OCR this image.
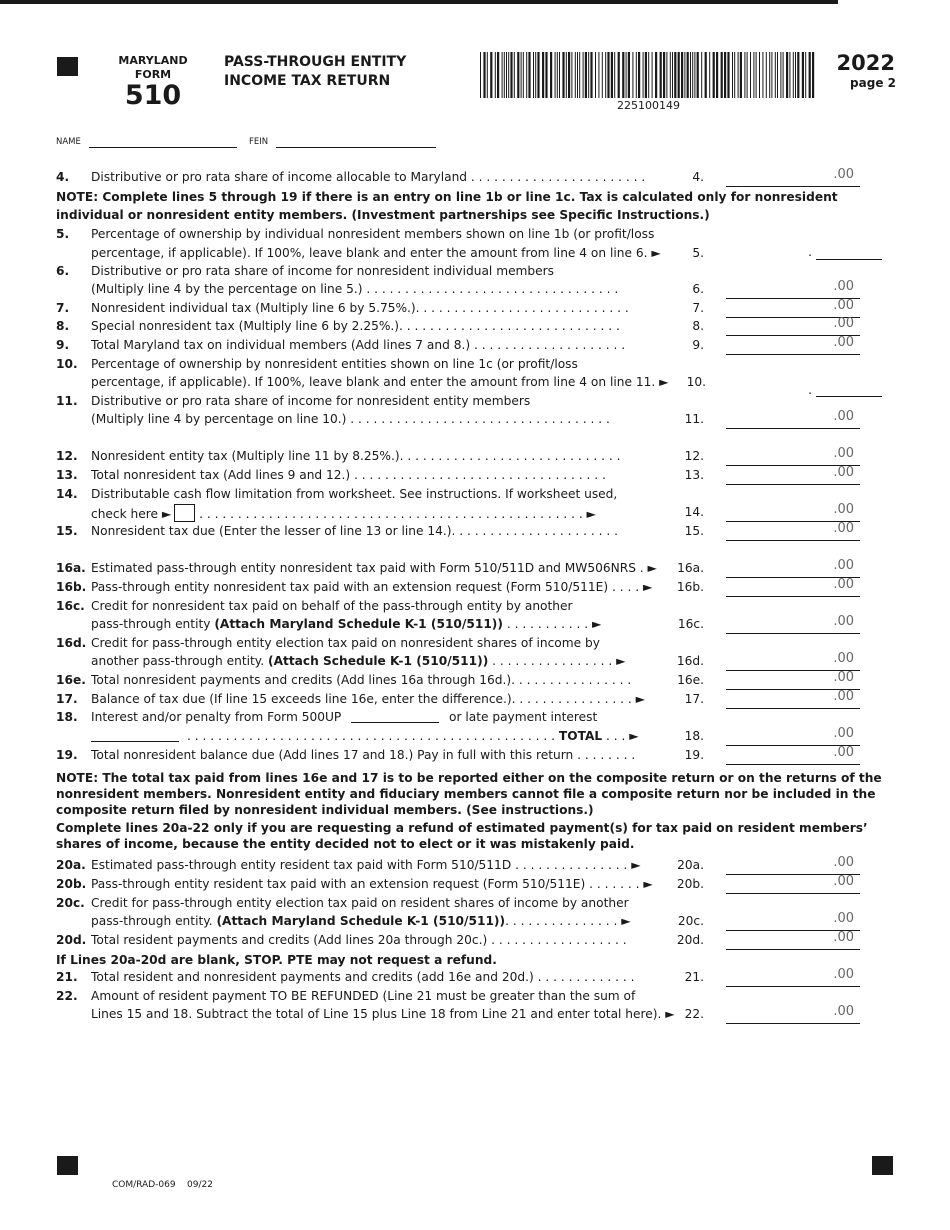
MARYLAND
FORM
510
PASS-THROUGH ENTITY
INCOME TAX RETURN
225100149
2022
page 2
NAME	FEIN
4. Distributive or pro rata share of income allocable to Maryland . . . . . . . . . . . . . . . . . . . . . . .	4.	.00
NOTE: Complete lines 5 through 19 if there is an entry on line 1b or line 1c. Tax is calculated only for nonresident
individual or nonresident entity members. (Investment partnerships see Specific Instructions.)
5. Percentage of ownership by individual nonresident members shown on line 1b (or profit/loss
percentage, if applicable). If 100%, leave blank and enter the amount from line 4 on line 6. ►	5.	.
6. Distributive or pro rata share of income for nonresident individual members
(Multiply line 4 by the percentage on line 5.) . . . . . . . . . . . . . . . . . . . . . . . . . . . . . . . . .	6.	.00
7. Nonresident individual tax (Multiply line 6 by 5.75%.). . . . . . . . . . . . . . . . . . . . . . . . . . . .	7.	.00
8. Special nonresident tax (Multiply line 6 by 2.25%.). . . . . . . . . . . . . . . . . . . . . . . . . . . . .	8.	.00
9. Total Maryland tax on individual members (Add lines 7 and 8.) . . . . . . . . . . . . . . . . . . . .	9.	.00
10. Percentage of ownership by nonresident entities shown on line 1c (or profit/loss
percentage, if applicable). If 100%, leave blank and enter the amount from line 4 on line 11. ► 10.
.
11. Distributive or pro rata share of income for nonresident entity members
(Multiply line 4 by percentage on line 10.) . . . . . . . . . . . . . . . . . . . . . . . . . . . . . . . . . .	11.	.00
12. Nonresident entity tax (Multiply line 11 by 8.25%.). . . . . . . . . . . . . . . . . . . . . . . . . . . . .	12.	.00
13. Total nonresident tax (Add lines 9 and 12.) . . . . . . . . . . . . . . . . . . . . . . . . . . . . . . . . .	13.	.00
14. Distributable cash flow limitation from worksheet. See instructions. If worksheet used,
check here ► . . . . . . . . . . . . . . . . . . . . . . . . . . . . . . . . . . . . . . . . . . . . . . . . . . ►	14.	.00
15. Nonresident tax due (Enter the lesser of line 13 or line 14.). . . . . . . . . . . . . . . . . . . . . .	15.	.00
16a. Estimated pass-through entity nonresident tax paid with Form 510/511D and MW506NRS . ► 16a.	.00
16b. Pass-through entity nonresident tax paid with an extension request (Form 510/511E) . . . . ► 16b.	.00
16c. Credit for nonresident tax paid on behalf of the pass-through entity by another
pass-through entity (Attach Maryland Schedule K-1 (510/511)) . . . . . . . . . . . ►	16c.	.00
16d. Credit for pass-through entity election tax paid on nonresident shares of income by
another pass-through entity. (Attach Schedule K-1 (510/511)) . . . . . . . . . . . . . . . . ►	16d.	.00
16e. Total nonresident payments and credits (Add lines 16a through 16d.). . . . . . . . . . . . . . . .	16e.	.00
17. Balance of tax due (If line 15 exceeds line 16e, enter the difference.). . . . . . . . . . . . . . . . ►	17.	.00
18. Interest and/or penalty from Form 500UP	or late payment interest
. . . . . . . . . . . . . . . . . . . . . . . . . . . . . . . . . . . . . . . . . . . . . . . . TOTAL . . . ►	18.	.00
19. Total nonresident balance due (Add lines 17 and 18.) Pay in full with this return . . . . . . . .	19.	.00
NOTE: The total tax paid from lines 16e and 17 is to be reported either on the composite return or on the returns of the
nonresident members. Nonresident entity and fiduciary members cannot file a composite return nor be included in the
composite return filed by nonresident individual members. (See instructions.)
Complete lines 20a-22 only if you are requesting a refund of estimated payment(s) for tax paid on resident members’
shares of income, because the entity decided not to elect or it was mistakenly paid.
20a. Estimated pass-through entity resident tax paid with Form 510/511D . . . . . . . . . . . . . . . ►	20a.	.00
20b. Pass-through entity resident tax paid with an extension request (Form 510/511E) . . . . . . . ► 20b.	.00
20c. Credit for pass-through entity election tax paid on resident shares of income by another
pass-through entity. (Attach Maryland Schedule K-1 (510/511)). . . . . . . . . . . . . . . ►	20c.	.00
20d. Total resident payments and credits (Add lines 20a through 20c.) . . . . . . . . . . . . . . . . . .	20d.	.00
If Lines 20a-20d are blank, STOP. PTE may not request a refund.
21. Total resident and nonresident payments and credits (add 16e and 20d.) . . . . . . . . . . . . .	21.	.00
22. Amount of resident payment TO BE REFUNDED (Line 21 must be greater than the sum of
Lines 15 and 18. Subtract the total of Line 15 plus Line 18 from Line 21 and enter total here). ► 22.	.00
COM/RAD-069 09/22
